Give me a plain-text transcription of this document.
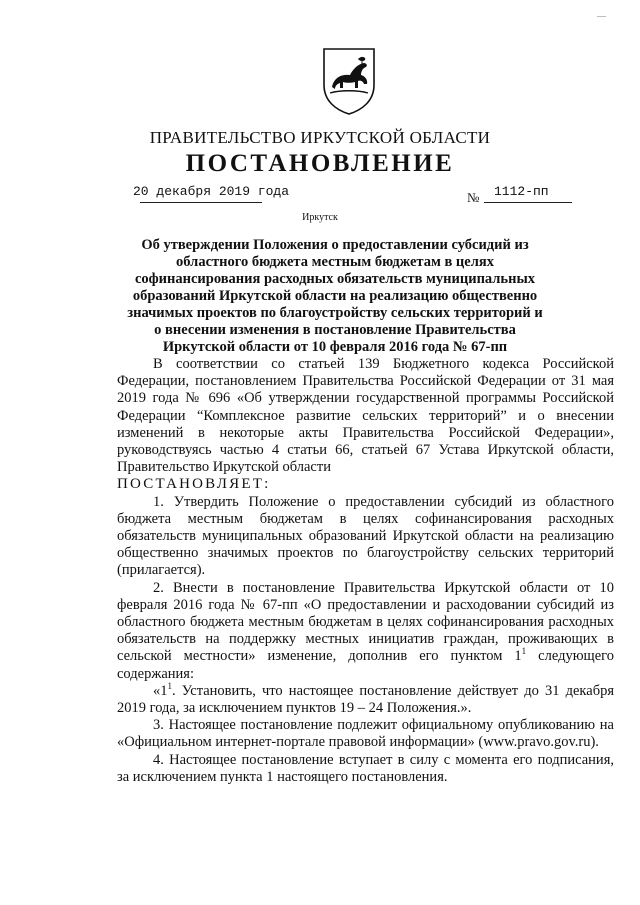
—
ПРАВИТЕЛЬСТВО ИРКУТСКОЙ ОБЛАСТИ
ПОСТАНОВЛЕНИЕ
20 декабря 2019 года	№ 1112-пп
Иркутск
Об утверждении Положения о предоставлении субсидий из областного бюджета местным бюджетам в целях софинансирования расходных обязательств муниципальных образований Иркутской области на реализацию общественно значимых проектов по благоустройству сельских территорий и о внесении изменения в постановление Правительства Иркутской области от 10 февраля 2016 года № 67-пп

В соответствии со статьей 139 Бюджетного кодекса Российской Федерации, постановлением Правительства Российской Федерации от 31 мая 2019 года № 696 «Об утверждении государственной программы Российской Федерации “Комплексное развитие сельских территорий” и о внесении изменений в некоторые акты Правительства Российской Федерации», руководствуясь частью 4 статьи 66, статьей 67 Устава Иркутской области, Правительство Иркутской области

ПОСТАНОВЛЯЕТ:

1. Утвердить Положение о предоставлении субсидий из областного бюджета местным бюджетам в целях софинансирования расходных обязательств муниципальных образований Иркутской области на реализацию общественно значимых проектов по благоустройству сельских территорий (прилагается).

2. Внести в постановление Правительства Иркутской области от 10 февраля 2016 года № 67-пп «О предоставлении и расходовании субсидий из областного бюджета местным бюджетам в целях софинансирования расходных обязательств на поддержку местных инициатив граждан, проживающих в сельской местности» изменение, дополнив его пунктом $1^1$ следующего содержания:

«$1^1$. Установить, что настоящее постановление действует до 31 декабря 2019 года, за исключением пунктов 19 – 24 Положения.».

3. Настоящее постановление подлежит официальному опубликованию на «Официальном интернет-портале правовой информации» (www.pravo.gov.ru).

4. Настоящее постановление вступает в силу с момента его подписания, за исключением пункта 1 настоящего постановления.
